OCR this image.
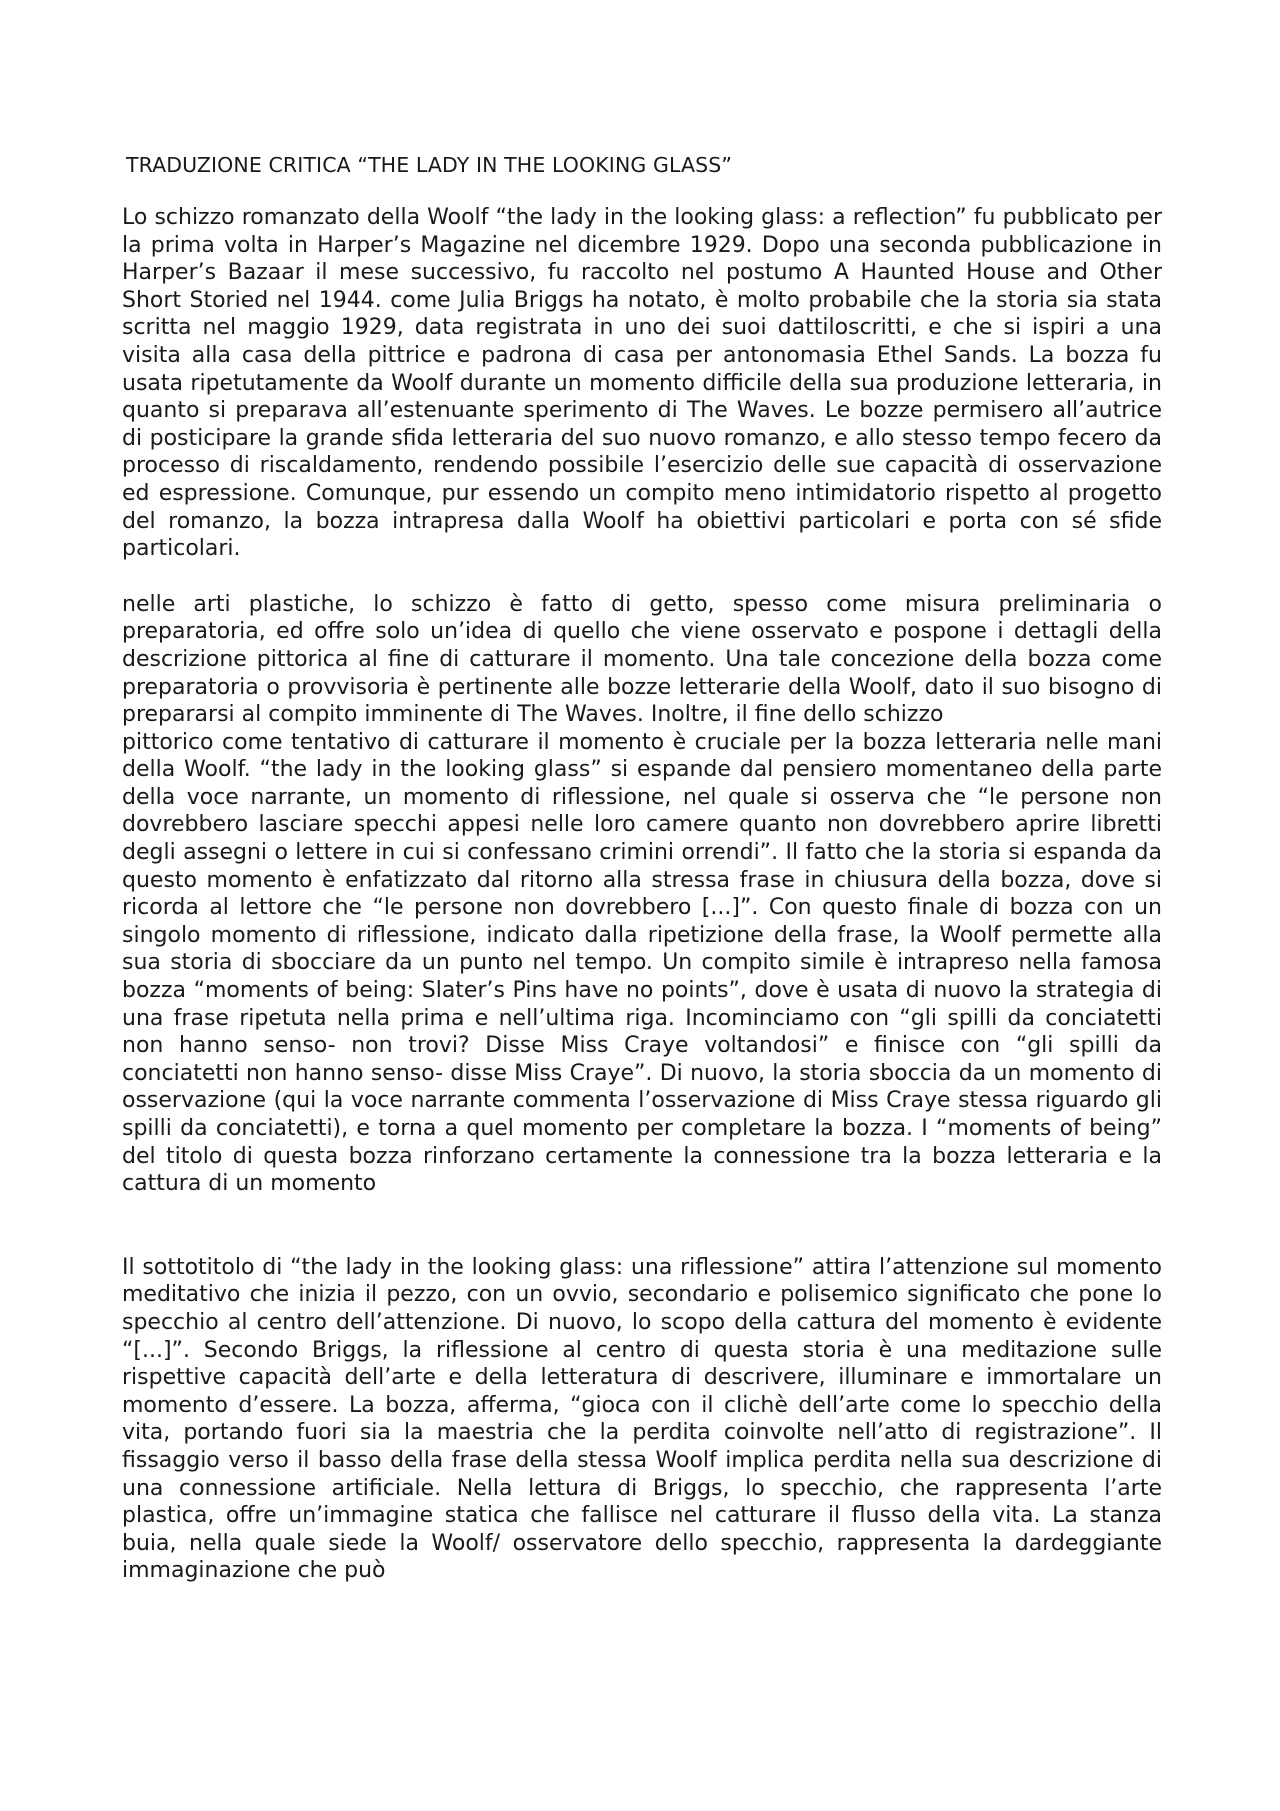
TRADUZIONE CRITICA “THE LADY IN THE LOOKING GLASS”

Lo schizzo romanzato della Woolf “the lady in the looking glass: a reflection” fu pubblicato per la prima volta in Harper’s Magazine nel dicembre 1929. Dopo una seconda pubblicazione in Harper’s Bazaar il mese successivo, fu raccolto nel postumo A Haunted House and Other Short Storied nel 1944. come Julia Briggs ha notato, è molto probabile che la storia sia stata scritta nel maggio 1929, data registrata in uno dei suoi dattiloscritti, e che si ispiri a una visita alla casa della pittrice e padrona di casa per antonomasia Ethel Sands. La bozza fu usata ripetutamente da Woolf durante un momento difficile della sua produzione letteraria, in quanto si preparava all’estenuante sperimento di The Waves. Le bozze permisero all’autrice di posticipare la grande sfida letteraria del suo nuovo romanzo, e allo stesso tempo fecero da processo di riscaldamento, rendendo possibile l’esercizio delle sue capacità di osservazione ed espressione. Comunque, pur essendo un compito meno intimidatorio rispetto al progetto del romanzo, la bozza intrapresa dalla Woolf ha obiettivi particolari e porta con sé sfide particolari.

nelle arti plastiche, lo schizzo è fatto di getto, spesso come misura preliminaria o preparatoria, ed offre solo un’idea di quello che viene osservato e pospone i dettagli della descrizione pittorica al fine di catturare il momento. Una tale concezione della bozza come preparatoria o provvisoria è pertinente alle bozze letterarie della Woolf, dato il suo bisogno di prepararsi al compito imminente di The Waves. Inoltre, il fine dello schizzo

pittorico come tentativo di catturare il momento è cruciale per la bozza letteraria nelle mani della Woolf. “the lady in the looking glass” si espande dal pensiero momentaneo della parte della voce narrante, un momento di riflessione, nel quale si osserva che “le persone non dovrebbero lasciare specchi appesi nelle loro camere quanto non dovrebbero aprire libretti degli assegni o lettere in cui si confessano crimini orrendi”. Il fatto che la storia si espanda da questo momento è enfatizzato dal ritorno alla stressa frase in chiusura della bozza, dove si ricorda al lettore che “le persone non dovrebbero [...]”. Con questo finale di bozza con un singolo momento di riflessione, indicato dalla ripetizione della frase, la Woolf permette alla sua storia di sbocciare da un punto nel tempo. Un compito simile è intrapreso nella famosa bozza “moments of being: Slater’s Pins have no points”, dove è usata di nuovo la strategia di una frase ripetuta nella prima e nell’ultima riga. Incominciamo con “gli spilli da conciatetti non hanno senso- non trovi? Disse Miss Craye voltandosi” e finisce con “gli spilli da conciatetti non hanno senso- disse Miss Craye”. Di nuovo, la storia sboccia da un momento di osservazione (qui la voce narrante commenta l’osservazione di Miss Craye stessa riguardo gli spilli da conciatetti), e torna a quel momento per completare la bozza. I “moments of being” del titolo di questa bozza rinforzano certamente la connessione tra la bozza letteraria e la cattura di un momento

Il sottotitolo di “the lady in the looking glass: una riflessione” attira l’attenzione sul momento meditativo che inizia il pezzo, con un ovvio, secondario e polisemico significato che pone lo specchio al centro dell’attenzione. Di nuovo, lo scopo della cattura del momento è evidente “[...]”. Secondo Briggs, la riflessione al centro di questa storia è una meditazione sulle rispettive capacità dell’arte e della letteratura di descrivere, illuminare e immortalare un momento d’essere. La bozza, afferma, “gioca con il clichè dell’arte come lo specchio della vita, portando fuori sia la maestria che la perdita coinvolte nell’atto di registrazione”. Il fissaggio verso il basso della frase della stessa Woolf implica perdita nella sua descrizione di una connessione artificiale. Nella lettura di Briggs, lo specchio, che rappresenta l’arte plastica, offre un’immagine statica che fallisce nel catturare il flusso della vita. La stanza buia, nella quale siede la Woolf/ osservatore dello specchio, rappresenta la dardeggiante immaginazione che può
